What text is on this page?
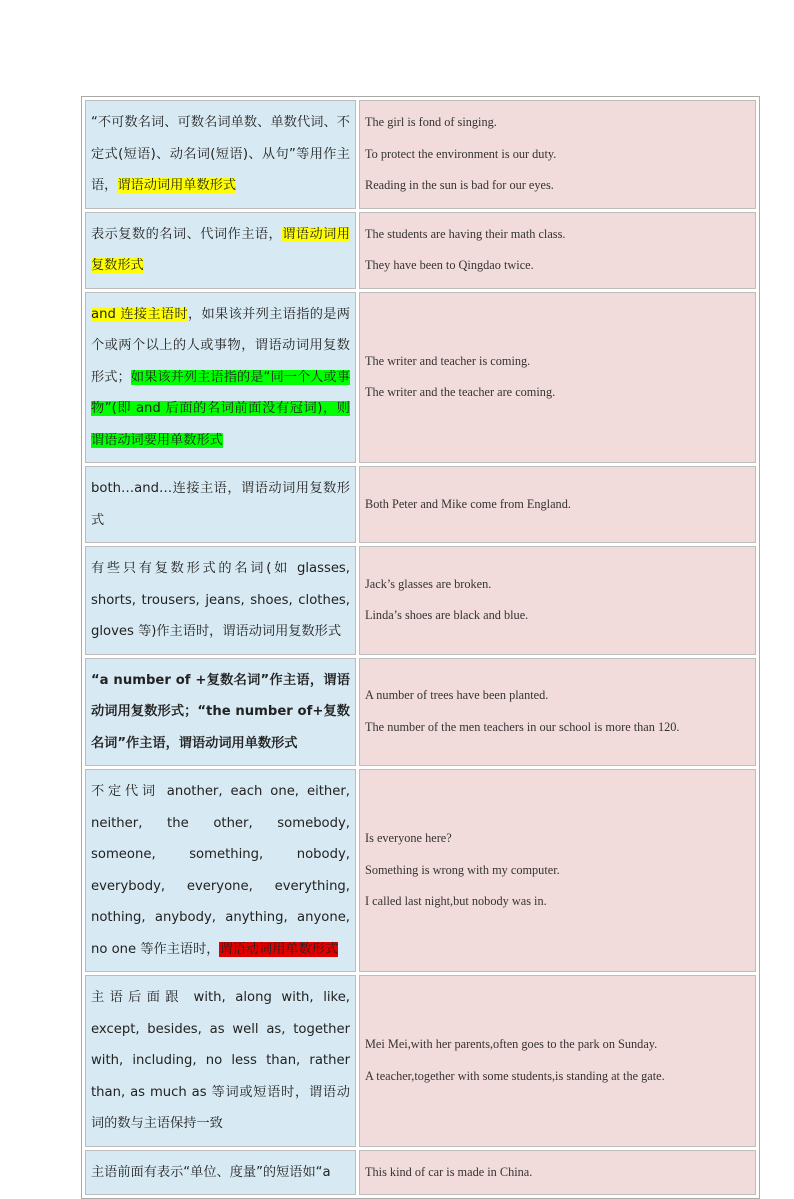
“不可数名词、可数名词单数、单数代词、不定式(短语)、动名词(短语)、从句”等用作主语，谓语动词用单数形式	The girl is fond of singing.
To protect the environment is our duty.
Reading in the sun is bad for our eyes.

表示复数的名词、代词作主语，谓语动词用复数形式	The students are having their math class.
They have been to Qingdao twice.

and 连接主语时，如果该并列主语指的是两个或两个以上的人或事物，谓语动词用复数形式；如果该并列主语指的是“同一个人或事物”(即 and 后面的名词前面没有冠词)，则谓语动词要用单数形式	The writer and teacher is coming.
The writer and the teacher are coming.

both…and…连接主语，谓语动词用复数形式	Both Peter and Mike come from England.

有些只有复数形式的名词(如 glasses, shorts, trousers, jeans, shoes, clothes, gloves 等)作主语时，谓语动词用复数形式	Jack’s glasses are broken.
Linda’s shoes are black and blue.

“a number of +复数名词”作主语，谓语动词用复数形式；“the number of+复数名词”作主语，谓语动词用单数形式	A number of trees have been planted.
The number of the men teachers in our school is more than 120.

不定代词 another, each one, either, neither, the other, somebody, someone, something, nobody, everybody, everyone, everything, nothing, anybody, anything, anyone, no one 等作主语时，谓语动词用单数形式	Is everyone here?
Something is wrong with my computer.
I called last night,but nobody was in.

主语后面跟 with, along with, like, except, besides, as well as, together with, including, no less than, rather than, as much as 等词或短语时，谓语动词的数与主语保持一致	Mei Mei,with her parents,often goes to the park on Sunday.
A teacher,together with some students,is standing at the gate.

主语前面有表示“单位、度量”的短语如“a	This kind of car is made in China.
